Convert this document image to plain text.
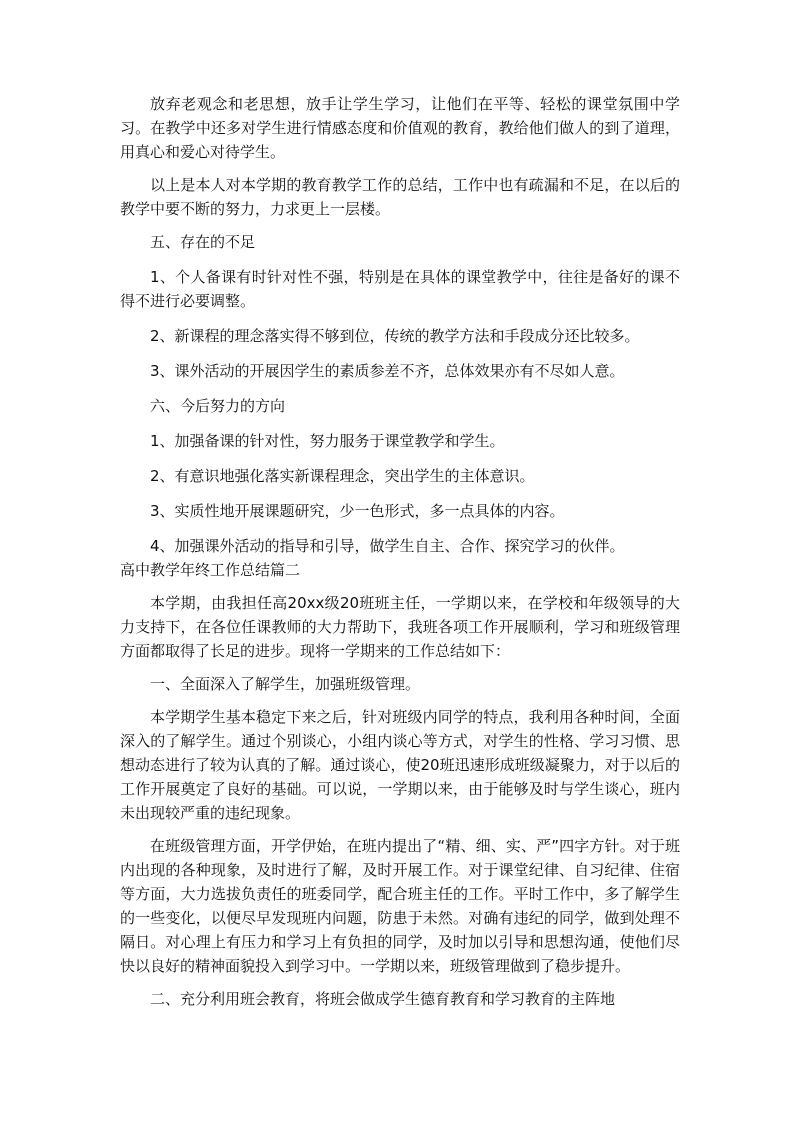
放弃老观念和老思想，放手让学生学习，让他们在平等、轻松的课堂氛围中学习。在教学中还多对学生进行情感态度和价值观的教育，教给他们做人的到了道理，用真心和爱心对待学生。

以上是本人对本学期的教育教学工作的总结，工作中也有疏漏和不足，在以后的教学中要不断的努力，力求更上一层楼。

五、存在的不足

1、个人备课有时针对性不强，特别是在具体的课堂教学中，往往是备好的课不得不进行必要调整。

2、新课程的理念落实得不够到位，传统的教学方法和手段成分还比较多。

3、课外活动的开展因学生的素质参差不齐，总体效果亦有不尽如人意。

六、今后努力的方向

1、加强备课的针对性，努力服务于课堂教学和学生。

2、有意识地强化落实新课程理念，突出学生的主体意识。

3、实质性地开展课题研究，少一色形式，多一点具体的内容。

4、加强课外活动的指导和引导，做学生自主、合作、探究学习的伙伴。

高中教学年终工作总结篇二

本学期，由我担任高20xx级20班班主任，一学期以来，在学校和年级领导的大力支持下，在各位任课教师的大力帮助下，我班各项工作开展顺利，学习和班级管理方面都取得了长足的进步。现将一学期来的工作总结如下：

一、全面深入了解学生，加强班级管理。

本学期学生基本稳定下来之后，针对班级内同学的特点，我利用各种时间，全面深入的了解学生。通过个别谈心，小组内谈心等方式，对学生的性格、学习习惯、思想动态进行了较为认真的了解。通过谈心，使20班迅速形成班级凝聚力，对于以后的工作开展奠定了良好的基础。可以说，一学期以来，由于能够及时与学生谈心，班内未出现较严重的违纪现象。

在班级管理方面，开学伊始，在班内提出了“精、细、实、严”四字方针。对于班内出现的各种现象，及时进行了解，及时开展工作。对于课堂纪律、自习纪律、住宿等方面，大力选拔负责任的班委同学，配合班主任的工作。平时工作中，多了解学生的一些变化，以便尽早发现班内问题，防患于未然。对确有违纪的同学，做到处理不隔日。对心理上有压力和学习上有负担的同学，及时加以引导和思想沟通，使他们尽快以良好的精神面貌投入到学习中。一学期以来，班级管理做到了稳步提升。

二、充分利用班会教育，将班会做成学生德育教育和学习教育的主阵地
